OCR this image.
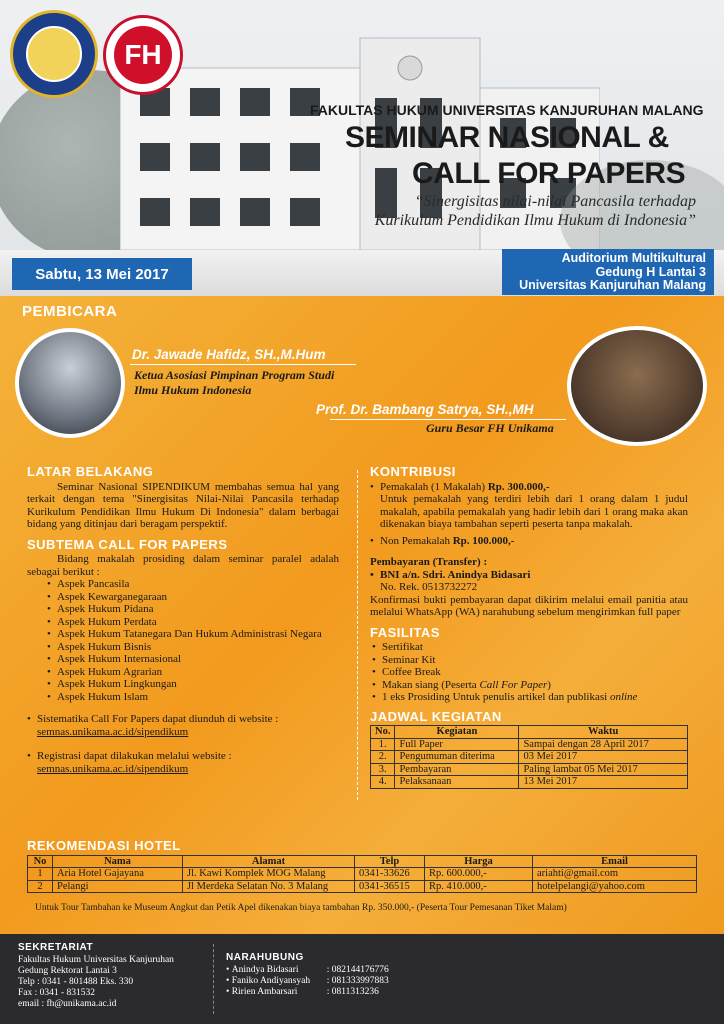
FH
FAKULTAS HUKUM UNIVERSITAS KANJURUHAN MALANG
SEMINAR NASIONAL &
CALL FOR PAPERS
“Sinergisitas nilai-nilai Pancasila terhadap
Kurikulum Pendidikan Ilmu Hukum di Indonesia”
Sabtu, 13 Mei 2017
Auditorium Multikultural
Gedung H Lantai 3
Universitas Kanjuruhan Malang
PEMBICARA
Dr. Jawade Hafidz, SH.,M.Hum
Ketua Asosiasi Pimpinan Program Studi
Ilmu Hukum Indonesia
Prof. Dr. Bambang Satrya, SH.,MH
Guru Besar FH Unikama
LATAR BELAKANG
Seminar Nasional SIPENDIKUM membahas semua hal yang terkait dengan tema "Sinergisitas Nilai-Nilai Pancasila terhadap Kurikulum Pendidikan Ilmu Hukum Di Indonesia" dalam berbagai bidang yang ditinjau dari beragam perspektif.
SUBTEMA CALL FOR PAPERS
Bidang makalah prosiding dalam seminar paralel adalah sebagai berikut :
• Aspek Pancasila
• Aspek Kewarganegaraan
• Aspek Hukum Pidana
• Aspek Hukum Perdata
• Aspek Hukum Tatanegara Dan Hukum Administrasi Negara
• Aspek Hukum Bisnis
• Aspek Hukum Internasional
• Aspek Hukum Agrarian
• Aspek Hukum Lingkungan
• Aspek Hukum Islam
• Sistematika Call For Papers dapat diunduh di website :
semnas.unikama.ac.id/sipendikum
• Registrasi dapat dilakukan melalui website :
semnas.unikama.ac.id/sipendikum
KONTRIBUSI
• Pemakalah (1 Makalah) Rp. 300.000,-
Untuk pemakalah yang terdiri lebih dari 1 orang dalam 1 judul makalah, apabila pemakalah yang hadir lebih dari 1 orang maka akan dikenakan biaya tambahan seperti peserta tanpa makalah.
• Non Pemakalah Rp. 100.000,-
Pembayaran (Transfer) :
• BNI a/n. Sdri. Anindya Bidasari
No. Rek. 0513732272
Konfirmasi bukti pembayaran dapat dikirim melalui email panitia atau melalui WhatsApp (WA) narahubung sebelum mengirimkan full paper
FASILITAS
• Sertifikat
• Seminar Kit
• Coffee Break
• Makan siang (Peserta Call For Paper)
• 1 eks Prosiding Untuk penulis artikel dan publikasi online
JADWAL KEGIATAN
No.	Kegiatan	Waktu
1.	Full Paper	Sampai dengan 28 April 2017
2.	Pengumuman diterima	03 Mei 2017
3.	Pembayaran	Paling lambat 05 Mei 2017
4.	Pelaksanaan	13 Mei 2017
REKOMENDASI HOTEL
No	Nama	Alamat	Telp	Harga	Email
1	Aria Hotel Gajayana	Jl. Kawi Komplek MOG Malang	0341-33626	Rp. 600.000,-	ariahti@gmail.com
2	Pelangi	Jl Merdeka Selatan No. 3 Malang	0341-36515	Rp. 410.000,-	hotelpelangi@yahoo.com
Untuk Tour Tambahan ke Museum Angkut dan Petik Apel dikenakan biaya tambahan Rp. 350.000,- (Peserta Tour Pemesanan Tiket Malam)
SEKRETARIAT
Fakultas Hukum Universitas Kanjuruhan
Gedung Rektorat Lantai 3
Telp : 0341 - 801488 Eks. 330
Fax : 0341 - 831532
email : fh@unikama.ac.id
NARAHUBUNG
• Anindya Bidasari	: 082144176776
• Faniko Andiyansyah : 081333997883
• Ririen Ambarsari	: 0811313236
